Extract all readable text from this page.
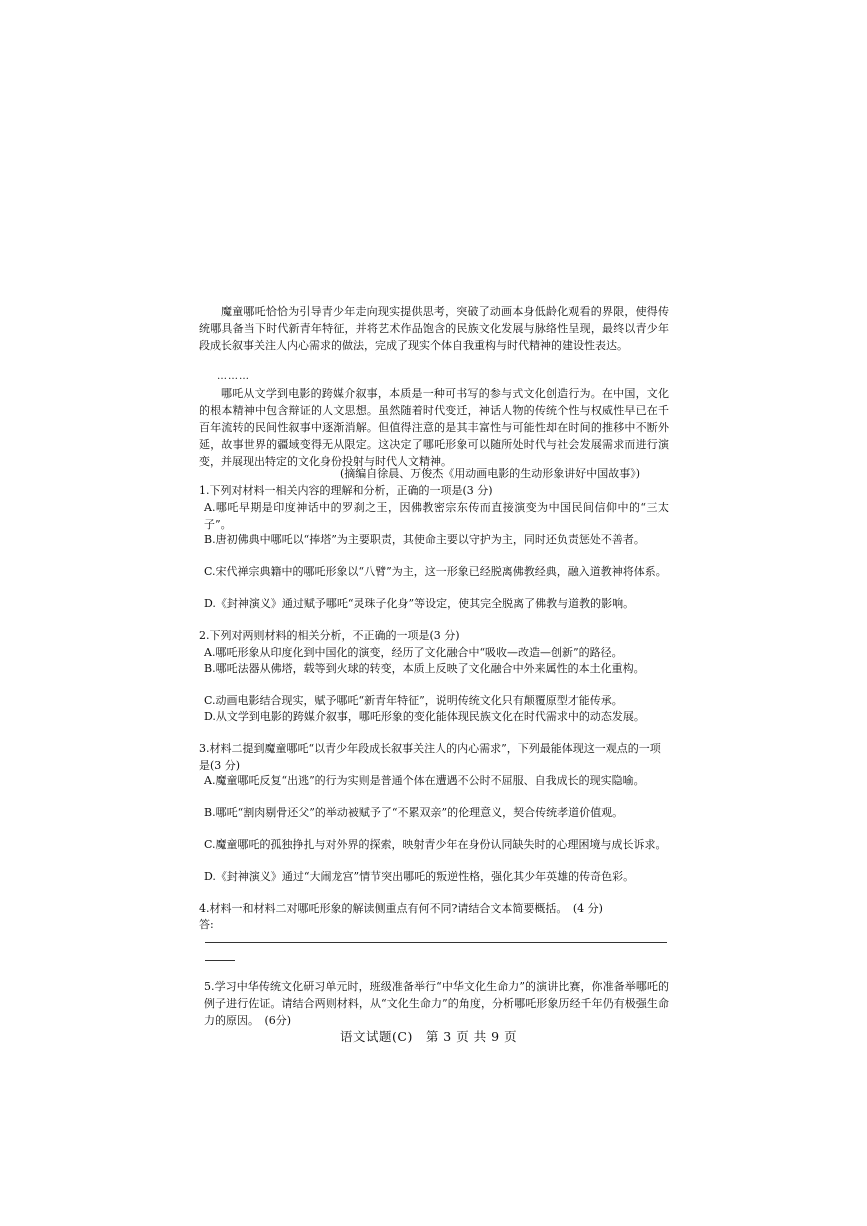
魔童哪吒恰恰为引导青少年走向现实提供思考，突破了动画本身低龄化观看的界限，使得传统哪具备当下时代新青年特征，并将艺术作品饱含的民族文化发展与脉络性呈现，最终以青少年段成长叙事关注人内心需求的做法，完成了现实个体自我重构与时代精神的建设性表达。

………

哪吒从文学到电影的跨媒介叙事，本质是一种可书写的参与式文化创造行为。在中国，文化的根本精神中包含辩证的人文思想。虽然随着时代变迁，神话人物的传统个性与权威性早已在千百年流转的民间性叙事中逐渐消解。但值得注意的是其丰富性与可能性却在时间的推移中不断外延，故事世界的疆域变得无从限定。这决定了哪吒形象可以随所处时代与社会发展需求而进行演变，并展现出特定的文化身份投射与时代人文精神。

(摘编自徐晨、万俊杰《用动画电影的生动形象讲好中国故事》)

1.下列对材料一相关内容的理解和分析，正确的一项是(3 分)

A.哪吒早期是印度神话中的罗刹之王，因佛教密宗东传而直接演变为中国民间信仰中的“三太子”。

B.唐初佛典中哪吒以“捧塔”为主要职责，其使命主要以守护为主，同时还负责惩处不善者。

C.宋代禅宗典籍中的哪吒形象以“八臂”为主，这一形象已经脱离佛教经典，融入道教神将体系。

D.《封神演义》通过赋予哪吒“灵珠子化身”等设定，使其完全脱离了佛教与道教的影响。

2.下列对两则材料的相关分析，不正确的一项是(3 分)

A.哪吒形象从印度化到中国化的演变，经历了文化融合中“吸收—改造—创新”的路径。

B.哪吒法器从佛塔，载等到火球的转变，本质上反映了文化融合中外来属性的本土化重构。

C.动画电影结合现实，赋予哪吒“新青年特征”，说明传统文化只有颠覆原型才能传承。

D.从文学到电影的跨媒介叙事，哪吒形象的变化能体现民族文化在时代需求中的动态发展。

3.材料二提到魔童哪吒“以青少年段成长叙事关注人的内心需求”，下列最能体现这一观点的一项是(3 分)

A.魔童哪吒反复“出逃”的行为实则是普通个体在遭遇不公时不屈服、自我成长的现实隐喻。

B.哪吒“割肉剔骨还父”的举动被赋予了“不累双亲”的伦理意义，契合传统孝道价值观。

C.魔童哪吒的孤独挣扎与对外界的探索，映射青少年在身份认同缺失时的心理困境与成长诉求。

D.《封神演义》通过“大闹龙宫”情节突出哪吒的叛逆性格，强化其少年英雄的传奇色彩。

4.材料一和材料二对哪吒形象的解读侧重点有何不同?请结合文本简要概括。　(4 分)

答:

5.学习中华传统文化研习单元时，班级准备举行“中华文化生命力”的演讲比赛，你准备举哪吒的例子进行佐证。请结合两则材料，从“文化生命力”的角度，分析哪吒形象历经千年仍有极强生命力的原因。　(6分)

语文试题(C)　第 3 页 共 9 页
